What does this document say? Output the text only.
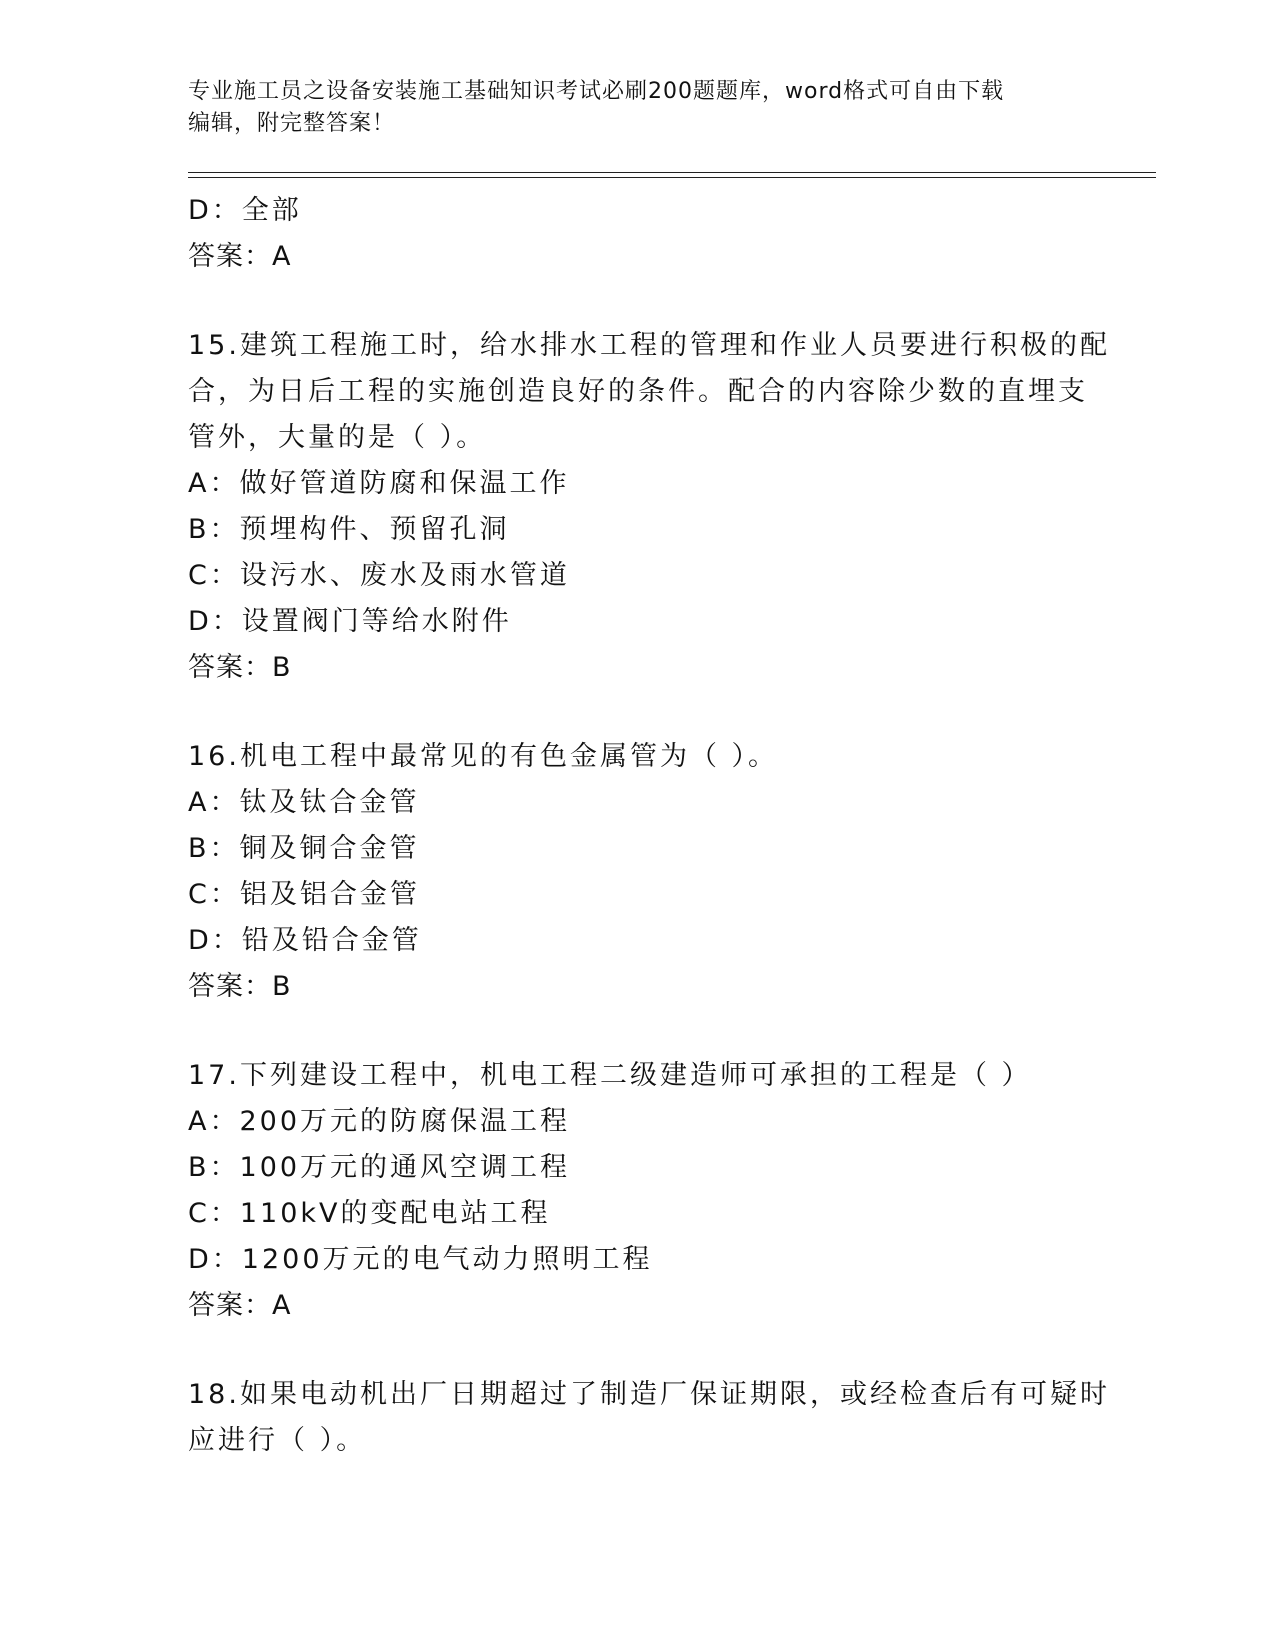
专业施工员之设备安装施工基础知识考试必刷200题题库，word格式可自由下载
编辑，附完整答案！
D：全部
答案：A
15.建筑工程施工时，给水排水工程的管理和作业人员要进行积极的配
合，为日后工程的实施创造良好的条件。配合的内容除少数的直埋支
管外，大量的是（ ）。
A：做好管道防腐和保温工作
B：预埋构件、预留孔洞
C：设污水、废水及雨水管道
D：设置阀门等给水附件
答案：B
16.机电工程中最常见的有色金属管为（ ）。
A：钛及钛合金管
B：铜及铜合金管
C：铝及铝合金管
D：铅及铅合金管
答案：B
17.下列建设工程中，机电工程二级建造师可承担的工程是（ ）
A：200万元的防腐保温工程
B：100万元的通风空调工程
C：110kV的变配电站工程
D：1200万元的电气动力照明工程
答案：A
18.如果电动机出厂日期超过了制造厂保证期限，或经检查后有可疑时
应进行（ ）。
